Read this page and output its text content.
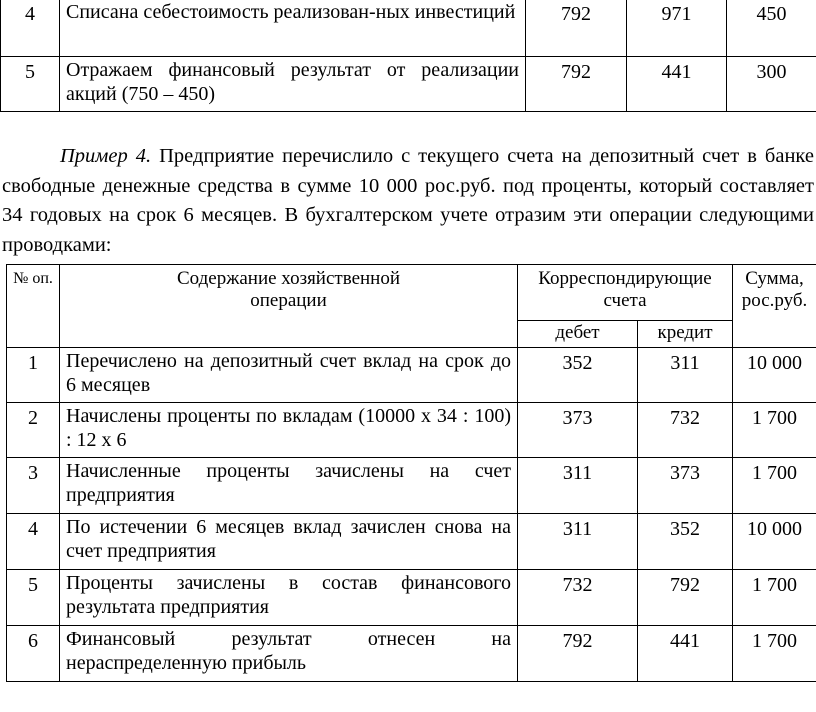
4	Списана себестоимость реализован-ных инвестиций	792	971	450
5	Отражаем финансовый результат от реализации акций (750 – 450)	792	441	300

Пример 4. Предприятие перечислило с текущего счета на депозитный счет в банке свободные денежные средства в сумме 10 000 рос.руб. под проценты, который составляет 34 годовых на срок 6 месяцев. В бухгалтерском учете отразим эти операции следующими проводками:

№ оп.	Содержание хозяйственной операции	Корреспондирующие счета		Сумма, рос.руб.
		дебет	кредит	
1	Перечислено на депозитный счет вклад на срок до 6 месяцев	352	311	10 000
2	Начислены проценты по вкладам (10000 х 34 : 100) : 12 х 6	373	732	1 700
3	Начисленные проценты зачислены на счет предприятия	311	373	1 700
4	По истечении 6 месяцев вклад зачислен снова на счет предприятия	311	352	10 000
5	Проценты зачислены в состав финансового результата предприятия	732	792	1 700
6	Финансовый результат отнесен на нераспределенную прибыль	792	441	1 700
